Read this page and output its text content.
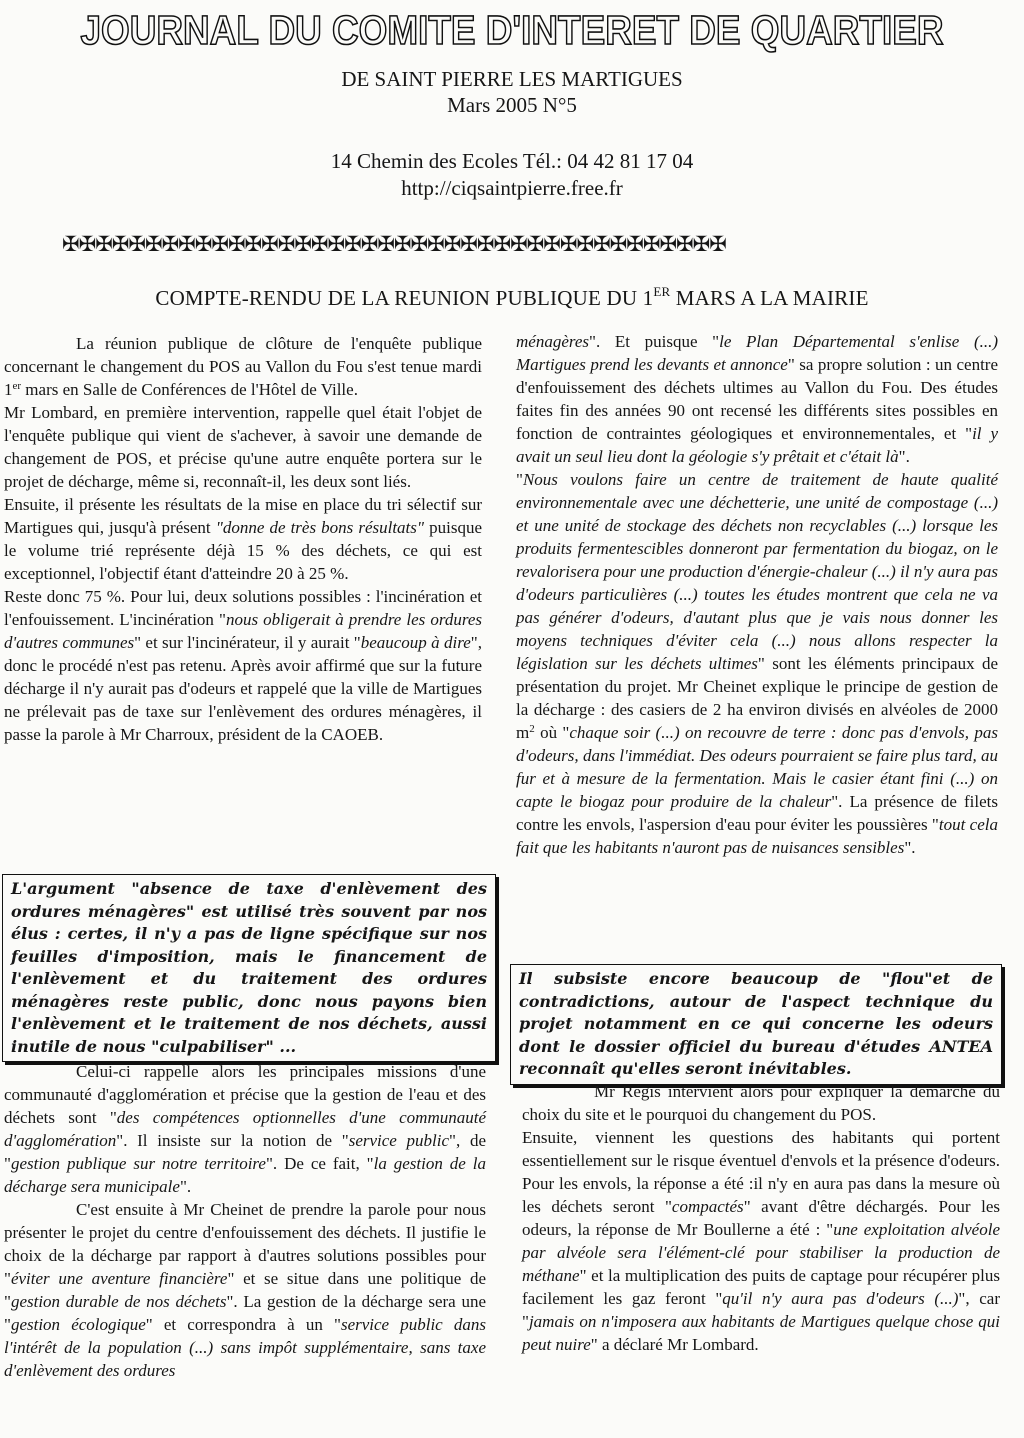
JOURNAL DU COMITE D'INTERET DE QUARTIER
DE SAINT PIERRE LES MARTIGUES
Mars 2005 N°5
14 Chemin des Ecoles Tél.: 04 42 81 17 04
http://ciqsaintpierre.free.fr
✠✠✠✠✠✠✠✠✠✠✠✠✠✠✠✠✠✠✠✠✠✠✠✠✠✠✠✠✠✠✠✠✠✠✠✠✠✠✠✠
COMPTE-RENDU DE LA REUNION PUBLIQUE DU 1ER MARS A LA MAIRIE

La réunion publique de clôture de l'enquête publique concernant le changement du POS au Vallon du Fou s'est tenue mardi 1er mars en Salle de Conférences de l'Hôtel de Ville.

Mr Lombard, en première intervention, rappelle quel était l'objet de l'enquête publique qui vient de s'achever, à savoir une demande de changement de POS, et précise qu'une autre enquête portera sur le projet de décharge, même si, reconnaît-il, les deux sont liés.

Ensuite, il présente les résultats de la mise en place du tri sélectif sur Martigues qui, jusqu'à présent "donne de très bons résultats" puisque le volume trié représente déjà 15 % des déchets, ce qui est exceptionnel, l'objectif étant d'atteindre 20 à 25 %.

Reste donc 75 %. Pour lui, deux solutions possibles : l'incinération et l'enfouissement. L'incinération "nous obligerait à prendre les ordures d'autres communes" et sur l'incinérateur, il y aurait "beaucoup à dire", donc le procédé n'est pas retenu. Après avoir affirmé que sur la future décharge il n'y aurait pas d'odeurs et rappelé que la ville de Martigues ne prélevait pas de taxe sur l'enlèvement des ordures ménagères, il passe la parole à Mr Charroux, président de la CAOEB.

L'argument "absence de taxe d'enlèvement des ordures ménagères" est utilisé très souvent par nos élus : certes, il n'y a pas de ligne spécifique sur nos feuilles d'imposition, mais le financement de l'enlèvement et du traitement des ordures ménagères reste public, donc nous payons bien l'enlèvement et le traitement de nos déchets, aussi inutile de nous "culpabiliser" ...

Celui-ci rappelle alors les principales missions d'une communauté d'agglomération et précise que la gestion de l'eau et des déchets sont "des compétences optionnelles d'une communauté d'agglomération". Il insiste sur la notion de "service public", de "gestion publique sur notre territoire". De ce fait, "la gestion de la décharge sera municipale".

C'est ensuite à Mr Cheinet de prendre la parole pour nous présenter le projet du centre d'enfouissement des déchets. Il justifie le choix de la décharge par rapport à d'autres solutions possibles pour "éviter une aventure financière" et se situe dans une politique de "gestion durable de nos déchets". La gestion de la décharge sera une "gestion écologique" et correspondra à un "service public dans l'intérêt de la population (...) sans impôt supplémentaire, sans taxe d'enlèvement des ordures

ménagères". Et puisque "le Plan Départemental s'enlise (...) Martigues prend les devants et annonce" sa propre solution : un centre d'enfouissement des déchets ultimes au Vallon du Fou. Des études faites fin des années 90 ont recensé les différents sites possibles en fonction de contraintes géologiques et environnementales, et "il y avait un seul lieu dont la géologie s'y prêtait et c'était là".

"Nous voulons faire un centre de traitement de haute qualité environnementale avec une déchetterie, une unité de compostage (...) et une unité de stockage des déchets non recyclables (...) lorsque les produits fermentescibles donneront par fermentation du biogaz, on le revalorisera pour une production d'énergie-chaleur (...) il n'y aura pas d'odeurs particulières (...) toutes les études montrent que cela ne va pas générer d'odeurs, d'autant plus que je vais nous donner les moyens techniques d'éviter cela (...) nous allons respecter la législation sur les déchets ultimes" sont les éléments principaux de présentation du projet. Mr Cheinet explique le principe de gestion de la décharge : des casiers de 2 ha environ divisés en alvéoles de 2000 $m^2$ où "chaque soir (...) on recouvre de terre : donc pas d'envols, pas d'odeurs, dans l'immédiat. Des odeurs pourraient se faire plus tard, au fur et à mesure de la fermentation. Mais le casier étant fini (...) on capte le biogaz pour produire de la chaleur". La présence de filets contre les envols, l'aspersion d'eau pour éviter les poussières "tout cela fait que les habitants n'auront pas de nuisances sensibles".

Il subsiste encore beaucoup de "flou"et de contradictions, autour de l'aspect technique du projet notamment en ce qui concerne les odeurs dont le dossier officiel du bureau d'études ANTEA reconnaît qu'elles seront inévitables.

Mr Régis intervient alors pour expliquer la démarche du choix du site et le pourquoi du changement du POS.

Ensuite, viennent les questions des habitants qui portent essentiellement sur le risque éventuel d'envols et la présence d'odeurs. Pour les envols, la réponse a été :il n'y en aura pas dans la mesure où les déchets seront "compactés" avant d'être déchargés. Pour les odeurs, la réponse de Mr Boullerne a été : "une exploitation alvéole par alvéole sera l'élément-clé pour stabiliser la production de méthane" et la multiplication des puits de captage pour récupérer plus facilement les gaz feront "qu'il n'y aura pas d'odeurs (...)", car "jamais on n'imposera aux habitants de Martigues quelque chose qui peut nuire" a déclaré Mr Lombard.
